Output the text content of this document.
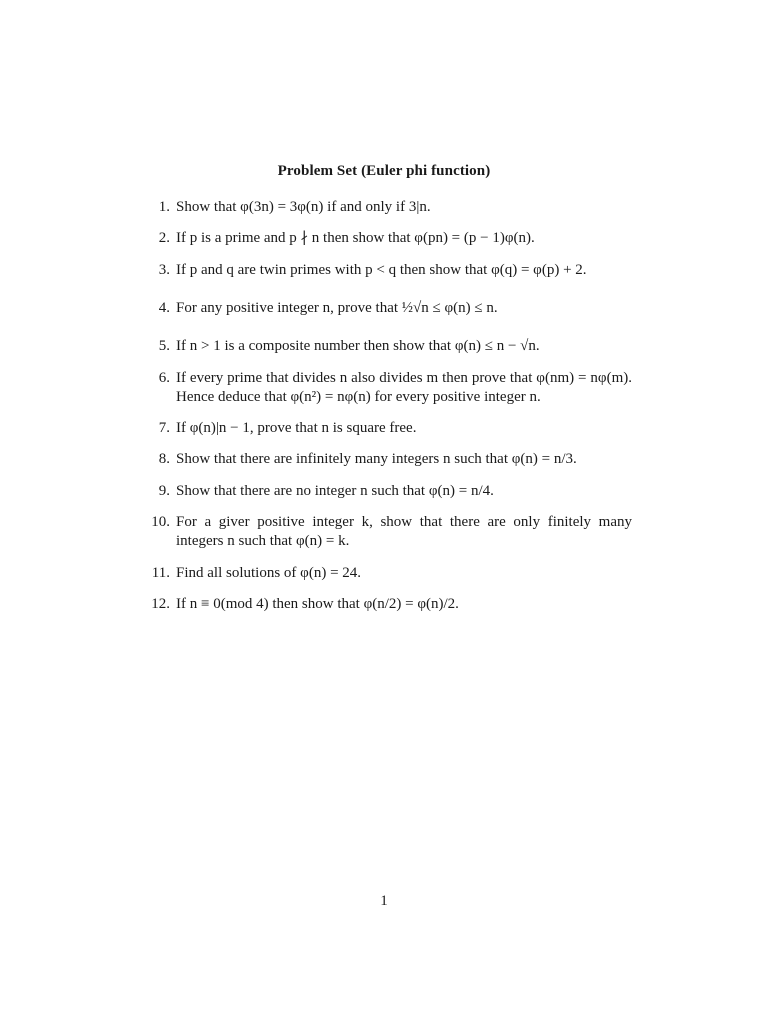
Problem Set (Euler phi function)
1. Show that φ(3n) = 3φ(n) if and only if 3|n.
2. If p is a prime and p ∤ n then show that φ(pn) = (p − 1)φ(n).
3. If p and q are twin primes with p < q then show that φ(q) = φ(p) + 2.
4. For any positive integer n, prove that ½√n ≤ φ(n) ≤ n.
5. If n > 1 is a composite number then show that φ(n) ≤ n − √n.
6. If every prime that divides n also divides m then prove that φ(nm) = nφ(m). Hence deduce that φ(n²) = nφ(n) for every positive integer n.
7. If φ(n)|n − 1, prove that n is square free.
8. Show that there are infinitely many integers n such that φ(n) = n/3.
9. Show that there are no integer n such that φ(n) = n/4.
10. For a giver positive integer k, show that there are only finitely many integers n such that φ(n) = k.
11. Find all solutions of φ(n) = 24.
12. If n ≡ 0(mod 4) then show that φ(n/2) = φ(n)/2.
1
